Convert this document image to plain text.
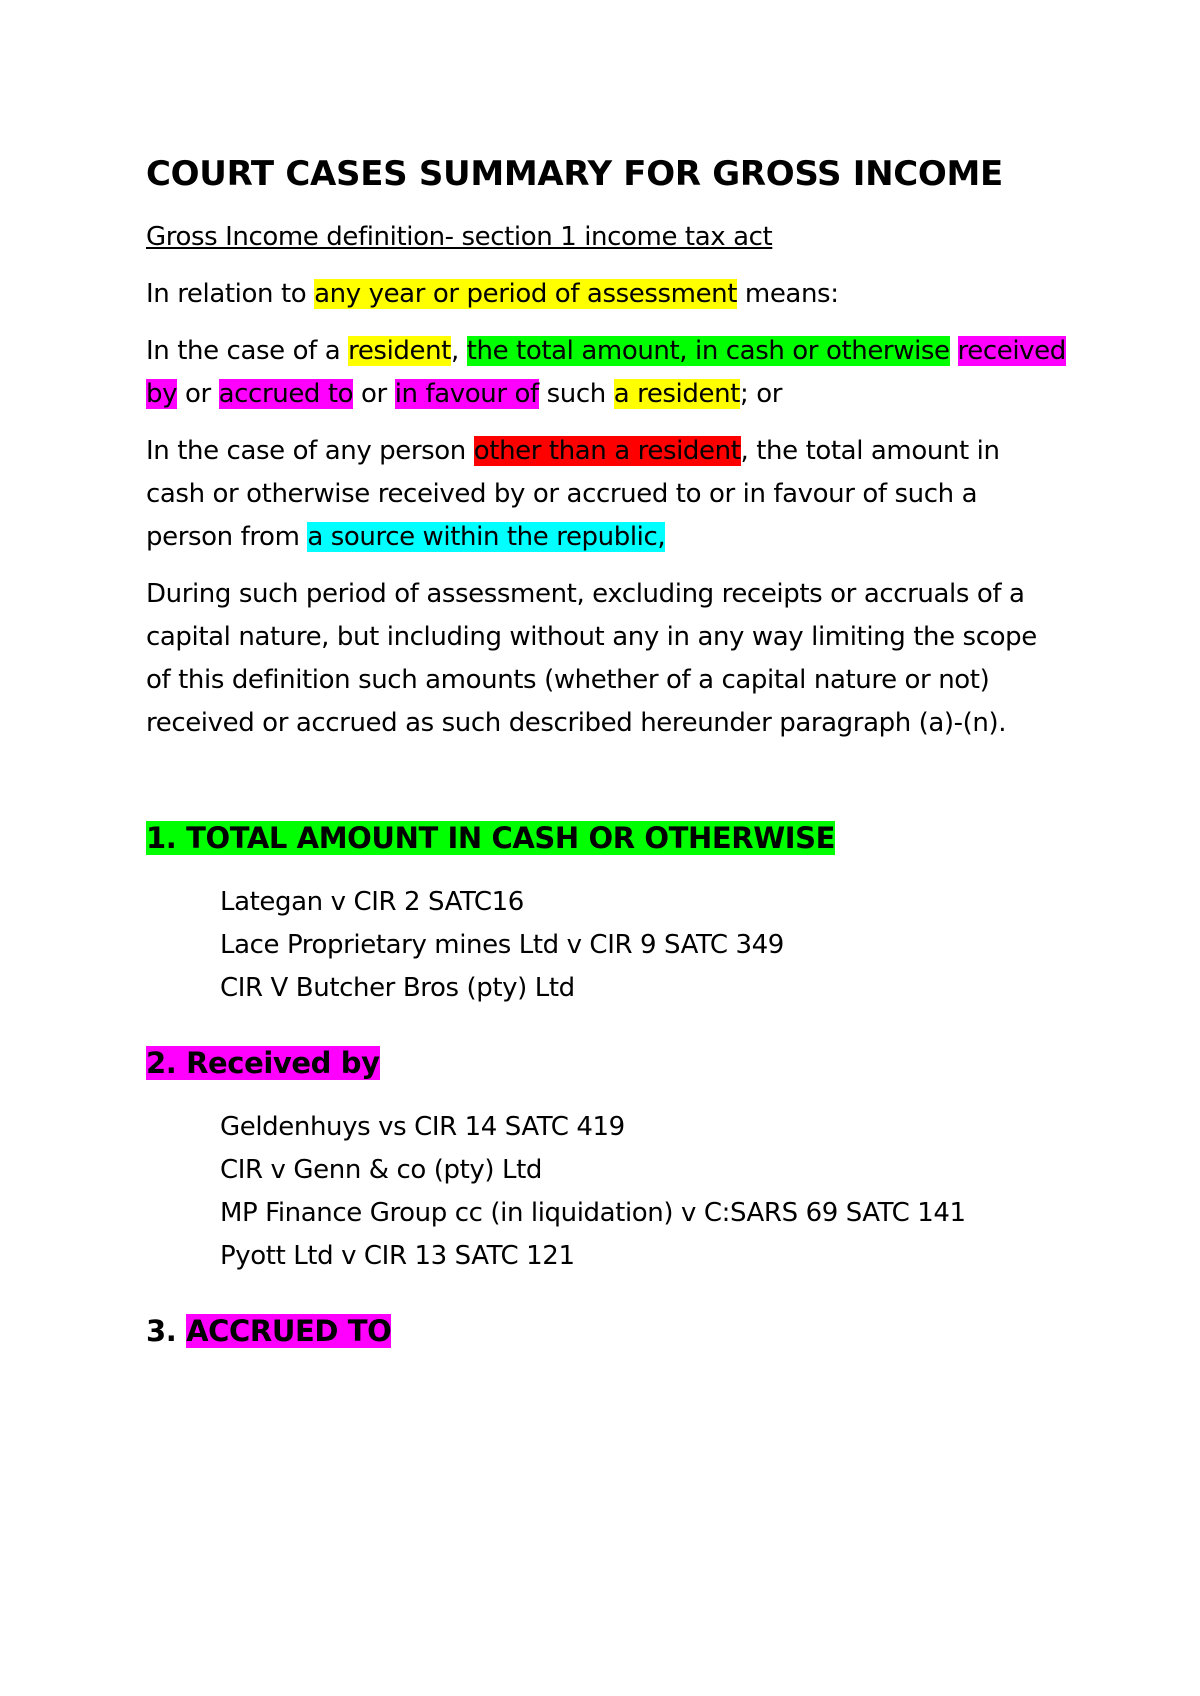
COURT CASES SUMMARY FOR GROSS INCOME

Gross Income definition- section 1 income tax act

In relation to any year or period of assessment means:

In the case of a resident, the total amount, in cash or otherwise received by or accrued to or in favour of such a resident; or

In the case of any person other than a resident, the total amount in cash or otherwise received by or accrued to or in favour of such a person from a source within the republic,

During such period of assessment, excluding receipts or accruals of a capital nature, but including without any in any way limiting the scope of this definition such amounts (whether of a capital nature or not) received or accrued as such described hereunder paragraph (a)-(n).

1. TOTAL AMOUNT IN CASH OR OTHERWISE
Lategan v CIR 2 SATC16
Lace Proprietary mines Ltd v CIR 9 SATC 349
CIR V Butcher Bros (pty) Ltd
2. Received by
Geldenhuys vs CIR 14 SATC 419
CIR v Genn & co (pty) Ltd
MP Finance Group cc (in liquidation) v C:SARS 69 SATC 141
Pyott Ltd v CIR 13 SATC 121
3. ACCRUED TO
